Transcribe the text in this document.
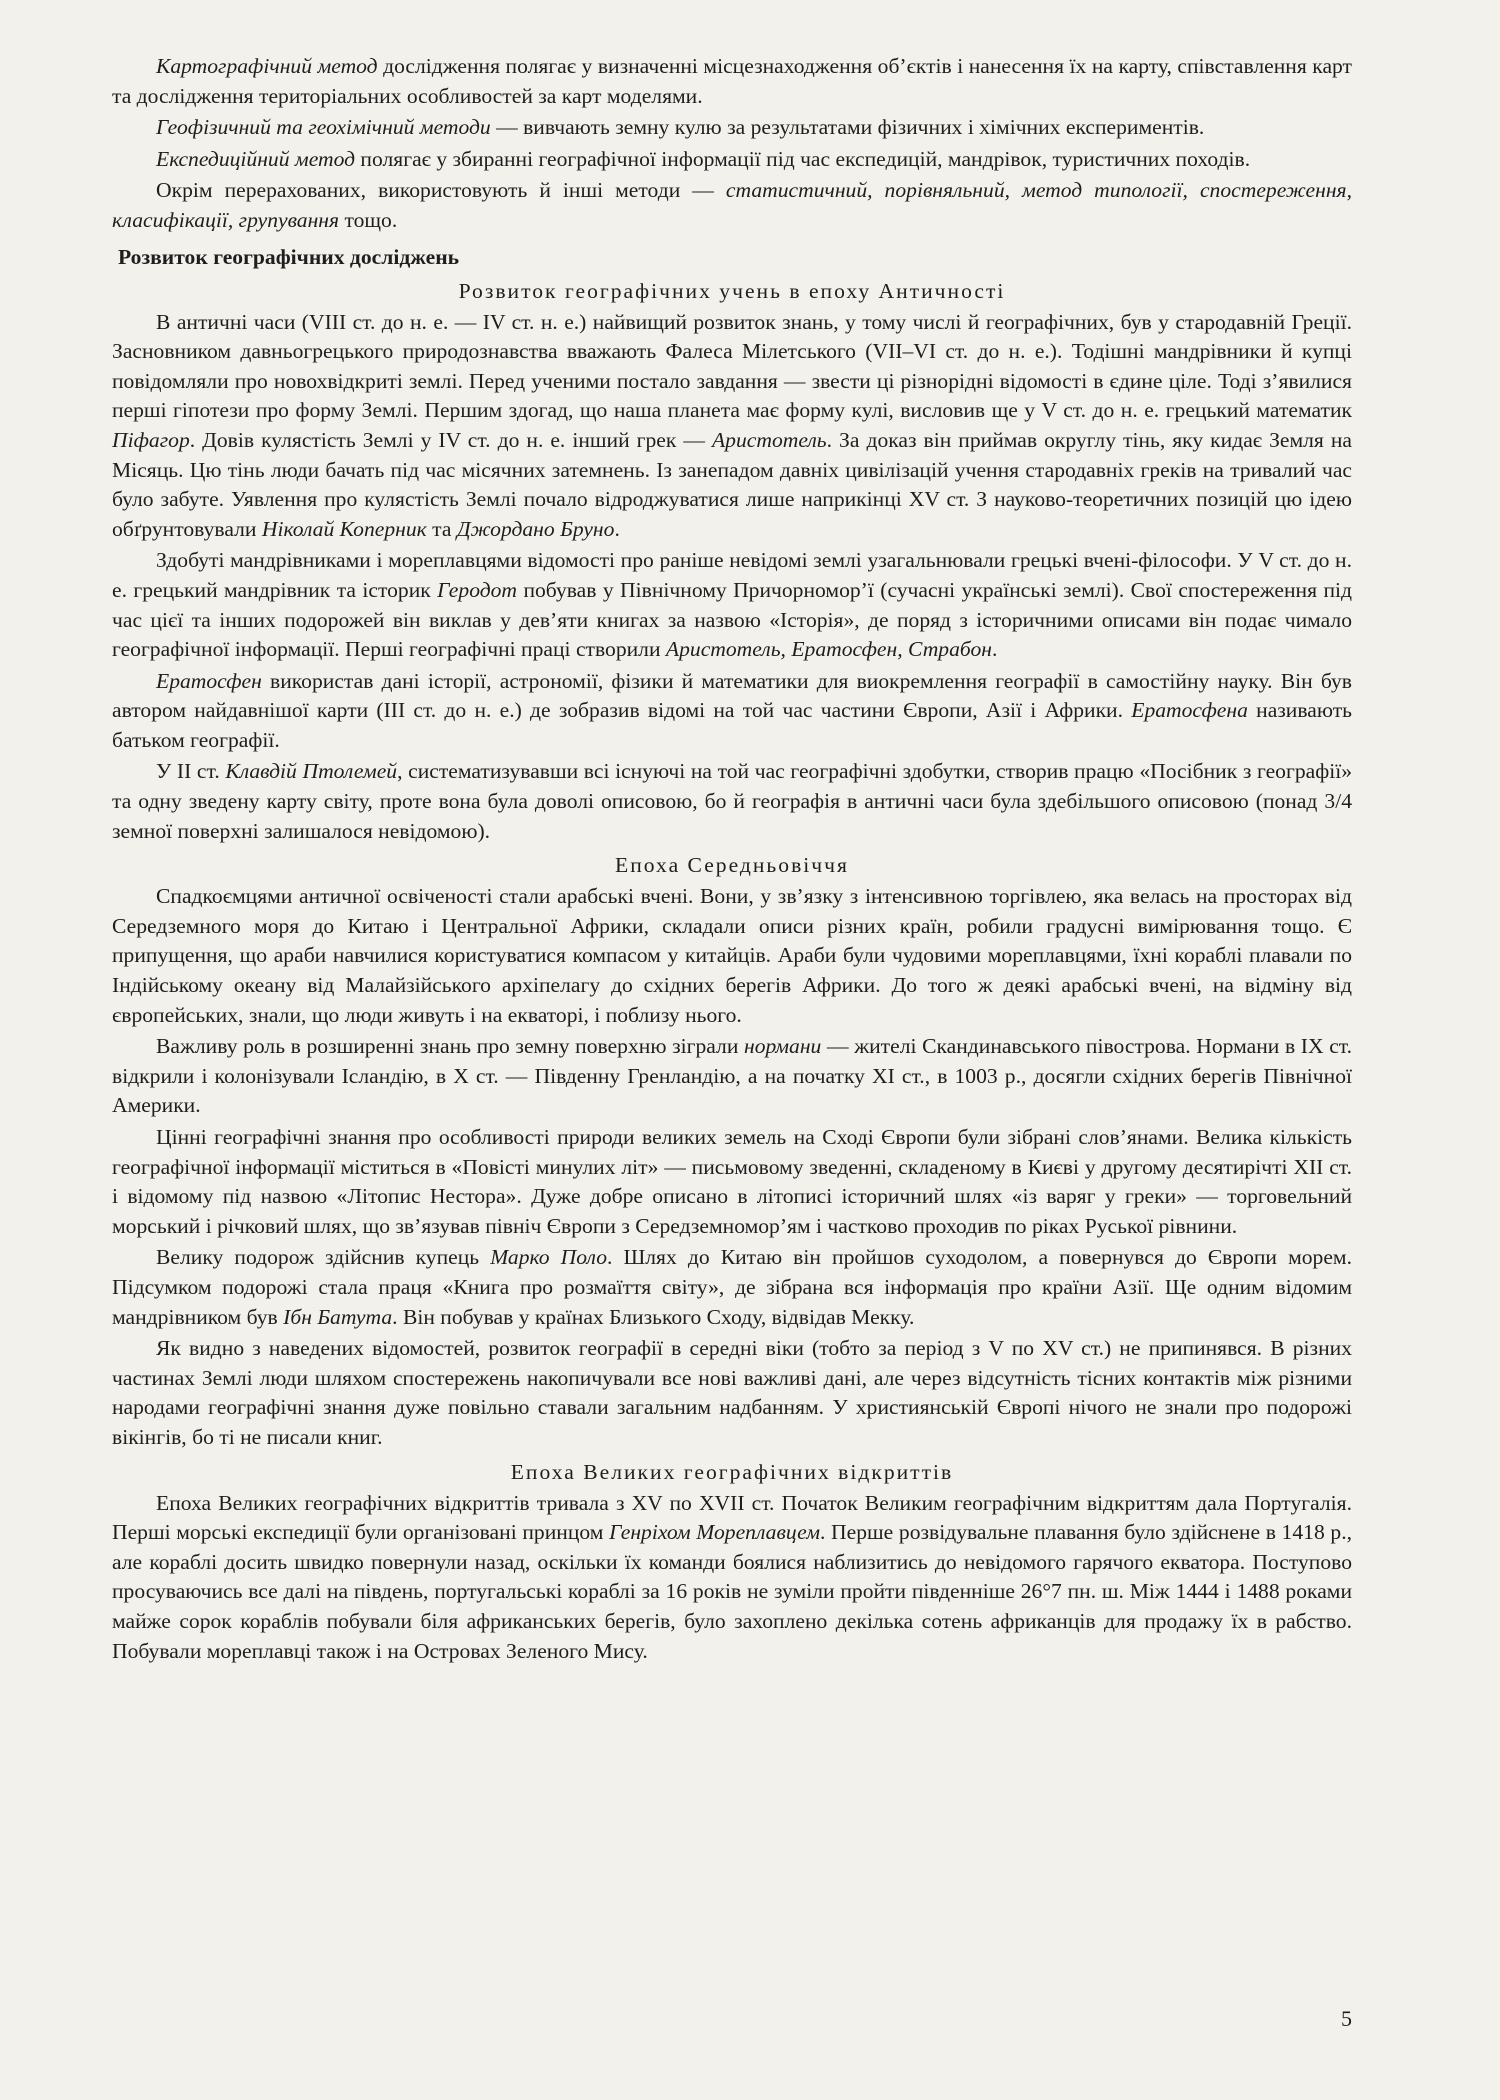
Картографічний метод дослідження полягає у визначенні місцезнаходження об’єктів і нанесення їх на карту, співставлення карт та дослідження територіальних особливостей за карт моделями.

Геофізичний та геохімічний методи — вивчають земну кулю за результатами фізичних і хімічних експериментів.

Експедиційний метод полягає у збиранні географічної інформації під час експедицій, мандрівок, туристичних походів.

Окрім перерахованих, використовують й інші методи — статистичний, порівняльний, метод типології, спостереження, класифікації, групування тощо.

Розвиток географічних досліджень
Розвиток географічних учень в епоху Античності

В античні часи (VIII ст. до н. е. — IV ст. н. е.) найвищий розвиток знань, у тому числі й географічних, був у стародавній Греції. Засновником давньогрецького природознавства вважають Фалеса Мілетського (VII–VI ст. до н. е.). Тодішні мандрівники й купці повідомляли про новохвідкриті землі. Перед ученими постало завдання — звести ці різнорідні відомості в єдине ціле. Тоді з’явилися перші гіпотези про форму Землі. Першим здогад, що наша планета має форму кулі, висловив ще у V ст. до н. е. грецький математик Піфагор. Довів кулястість Землі у IV ст. до н. е. інший грек — Аристотель. За доказ він приймав округлу тінь, яку кидає Земля на Місяць. Цю тінь люди бачать під час місячних затемнень. Із занепадом давніх цивілізацій учення стародавніх греків на тривалий час було забуте. Уявлення про кулястість Землі почало відроджуватися лише наприкінці XV ст. З науково-теоретичних позицій цю ідею обґрунтовували Ніколай Коперник та Джордано Бруно.

Здобуті мандрівниками і мореплавцями відомості про раніше невідомі землі узагальнювали грецькі вчені-філософи. У V ст. до н. е. грецький мандрівник та історик Геродот побував у Північному Причорномор’ї (сучасні українські землі). Свої спостереження під час цієї та інших подорожей він виклав у дев’яти книгах за назвою «Історія», де поряд з історичними описами він подає чимало географічної інформації. Перші географічні праці створили Аристотель, Ератосфен, Страбон.

Ератосфен використав дані історії, астрономії, фізики й математики для виокремлення географії в самостійну науку. Він був автором найдавнішої карти (ІІІ ст. до н. е.) де зобразив відомі на той час частини Європи, Азії і Африки. Ератосфена називають батьком географії.

У ІІ ст. Клавдій Птолемей, систематизувавши всі існуючі на той час географічні здобутки, створив працю «Посібник з географії» та одну зведену карту світу, проте вона була доволі описовою, бо й географія в античні часи була здебільшого описовою (понад 3/4 земної поверхні залишалося невідомою).

Епоха Середньовіччя

Спадкоємцями античної освіченості стали арабські вчені. Вони, у зв’язку з інтенсивною торгівлею, яка велась на просторах від Середземного моря до Китаю і Центральної Африки, складали описи різних країн, робили градусні вимірювання тощо. Є припущення, що араби навчилися користуватися компасом у китайців. Араби були чудовими мореплавцями, їхні кораблі плавали по Індійському океану від Малайзійського архіпелагу до східних берегів Африки. До того ж деякі арабські вчені, на відміну від європейських, знали, що люди живуть і на екваторі, і поблизу нього.

Важливу роль в розширенні знань про земну поверхню зіграли нормани — жителі Скандинавського півострова. Нормани в IX ст. відкрили і колонізували Ісландію, в X ст. — Південну Гренландію, а на початку XI ст., в 1003 р., досягли східних берегів Північної Америки.

Цінні географічні знання про особливості природи великих земель на Сході Європи були зібрані слов’янами. Велика кількість географічної інформації міститься в «Повісті минулих літ» — письмовому зведенні, складеному в Києві у другому десятирічті XII ст. і відомому під назвою «Літопис Нестора». Дуже добре описано в літописі історичний шлях «із варяг у греки» — торговельний морський і річковий шлях, що зв’язував північ Європи з Середземномор’ям і частково проходив по ріках Руської рівнини.

Велику подорож здійснив купець Марко Поло. Шлях до Китаю він пройшов суходолом, а повернувся до Європи морем. Підсумком подорожі стала праця «Книга про розмаїття світу», де зібрана вся інформація про країни Азії. Ще одним відомим мандрівником був Ібн Батута. Він побував у країнах Близького Сходу, відвідав Мекку.

Як видно з наведених відомостей, розвиток географії в середні віки (тобто за період з V по XV ст.) не припинявся. В різних частинах Землі люди шляхом спостережень накопичували все нові важливі дані, але через відсутність тісних контактів між різними народами географічні знання дуже повільно ставали загальним надбанням. У християнській Європі нічого не знали про подорожі вікінгів, бо ті не писали книг.

Епоха Великих географічних відкриттів

Епоха Великих географічних відкриттів тривала з XV по XVII ст. Початок Великим географічним відкриттям дала Португалія. Перші морські експедиції були організовані принцом Генріхом Мореплавцем. Перше розвідувальне плавання було здійснене в 1418 р., але кораблі досить швидко повернули назад, оскільки їх команди боялися наблизитись до невідомого гарячого екватора. Поступово просуваючись все далі на південь, португальські кораблі за 16 років не зуміли пройти південніше 26°7 пн. ш. Між 1444 і 1488 роками майже сорок кораблів побували біля африканських берегів, було захоплено декілька сотень африканців для продажу їх в рабство. Побували мореплавці також і на Островах Зеленого Мису.

5
